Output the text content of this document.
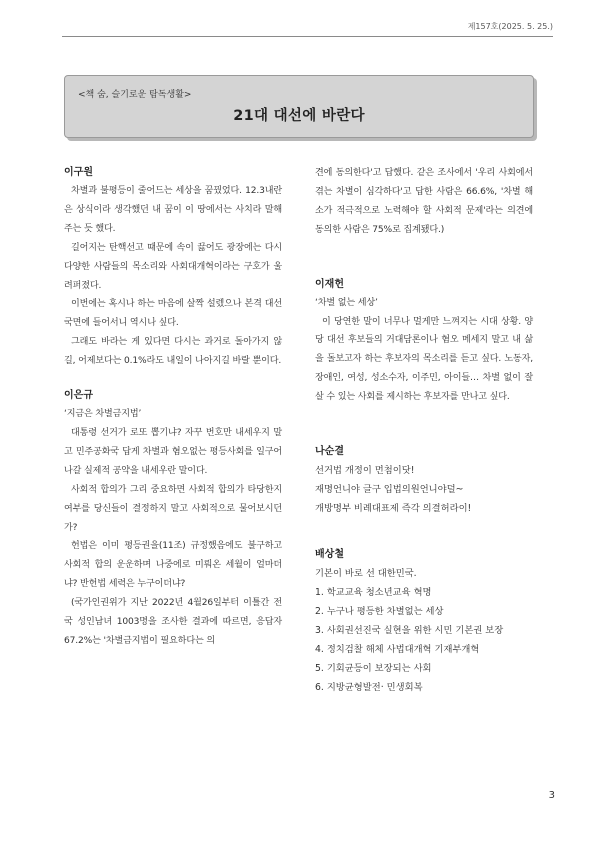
제157호(2025. 5. 25.)
<책 숨, 슬기로운 탐독생활>
21대 대선에 바란다
이구원

차별과 불평등이 줄어드는 세상을 꿈꿨었다. 12.3내란은 상식이라 생각했던 내 꿈이 이 땅에서는 사치라 말해주는 듯 했다.

길어지는 탄핵선고 때문에 속이 끓어도 광장에는 다시 다양한 사람들의 목소리와 사회대개혁이라는 구호가 울려퍼졌다.

이번에는 혹시나 하는 마음에 살짝 설렜으나 본격 대선 국면에 들어서니 역시나 싶다.

그래도 바라는 게 있다면 다시는 과거로 돌아가지 않길, 어제보다는 0.1%라도 내일이 나아지길 바랄 뿐이다.

이은규

‘지금은 차별금지법’

대통령 선거가 로또 뽑기냐? 자꾸 번호만 내세우지 말고 민주공화국 답게 차별과 혐오없는 평등사회를 일구어 나갈 실제적 공약을 내세우란 말이다.

사회적 합의가 그리 중요하면 사회적 합의가 타당한지 여부를 당신들이 결정하지 말고 사회적으로 물어보시던가?

헌법은 이미 평등권을(11조) 규정했음에도 불구하고 사회적 합의 운운하며 나중에로 미뤄온 세월이 얼마더냐? 반헌법 세력은 누구이더냐?

(국가인권위가 지난 2022년 4월26일부터 이틀간 전국 성인남녀 1003명을 조사한 결과에 따르면, 응답자 67.2%는 '차별금지법이 필요하다는 의

견에 동의한다'고 답했다. 같은 조사에서 '우리 사회에서 겪는 차별이 심각하다'고 답한 사람은 66.6%, '차별 해소가 적극적으로 노력해야 할 사회적 문제'라는 의견에 동의한 사람은 75%로 집계됐다.)

이재헌

‘차별 없는 세상’

이 당연한 말이 너무나 멀게만 느껴지는 시대 상황. 양당 대선 후보들의 거대담론이나 혐오 메세지 말고 내 삶을 돌보고자 하는 후보자의 목소리를 듣고 싶다. 노동자, 장애인, 여성, 성소수자, 이주민, 아이들… 차별 없이 잘 살 수 있는 사회를 제시하는 후보자를 만나고 싶다.

나순결
선거법 개정이 먼첨이닷!
재명언니야 글구 입법의원언니야덜~
개방명부 비례대표제 즉각 의결허라이!
배상철
기본이 바로 선 대한민국.
1. 학교교육 청소년교육 혁명
2. 누구나 평등한 차별없는 세상
3. 사회권선진국 실현을 위한 시민 기본권 보장
4. 정치검찰 해체 사법대개혁 기재부개혁
5. 기회균등이 보장되는 사회
6. 지방균형발전· 민생회복
3
